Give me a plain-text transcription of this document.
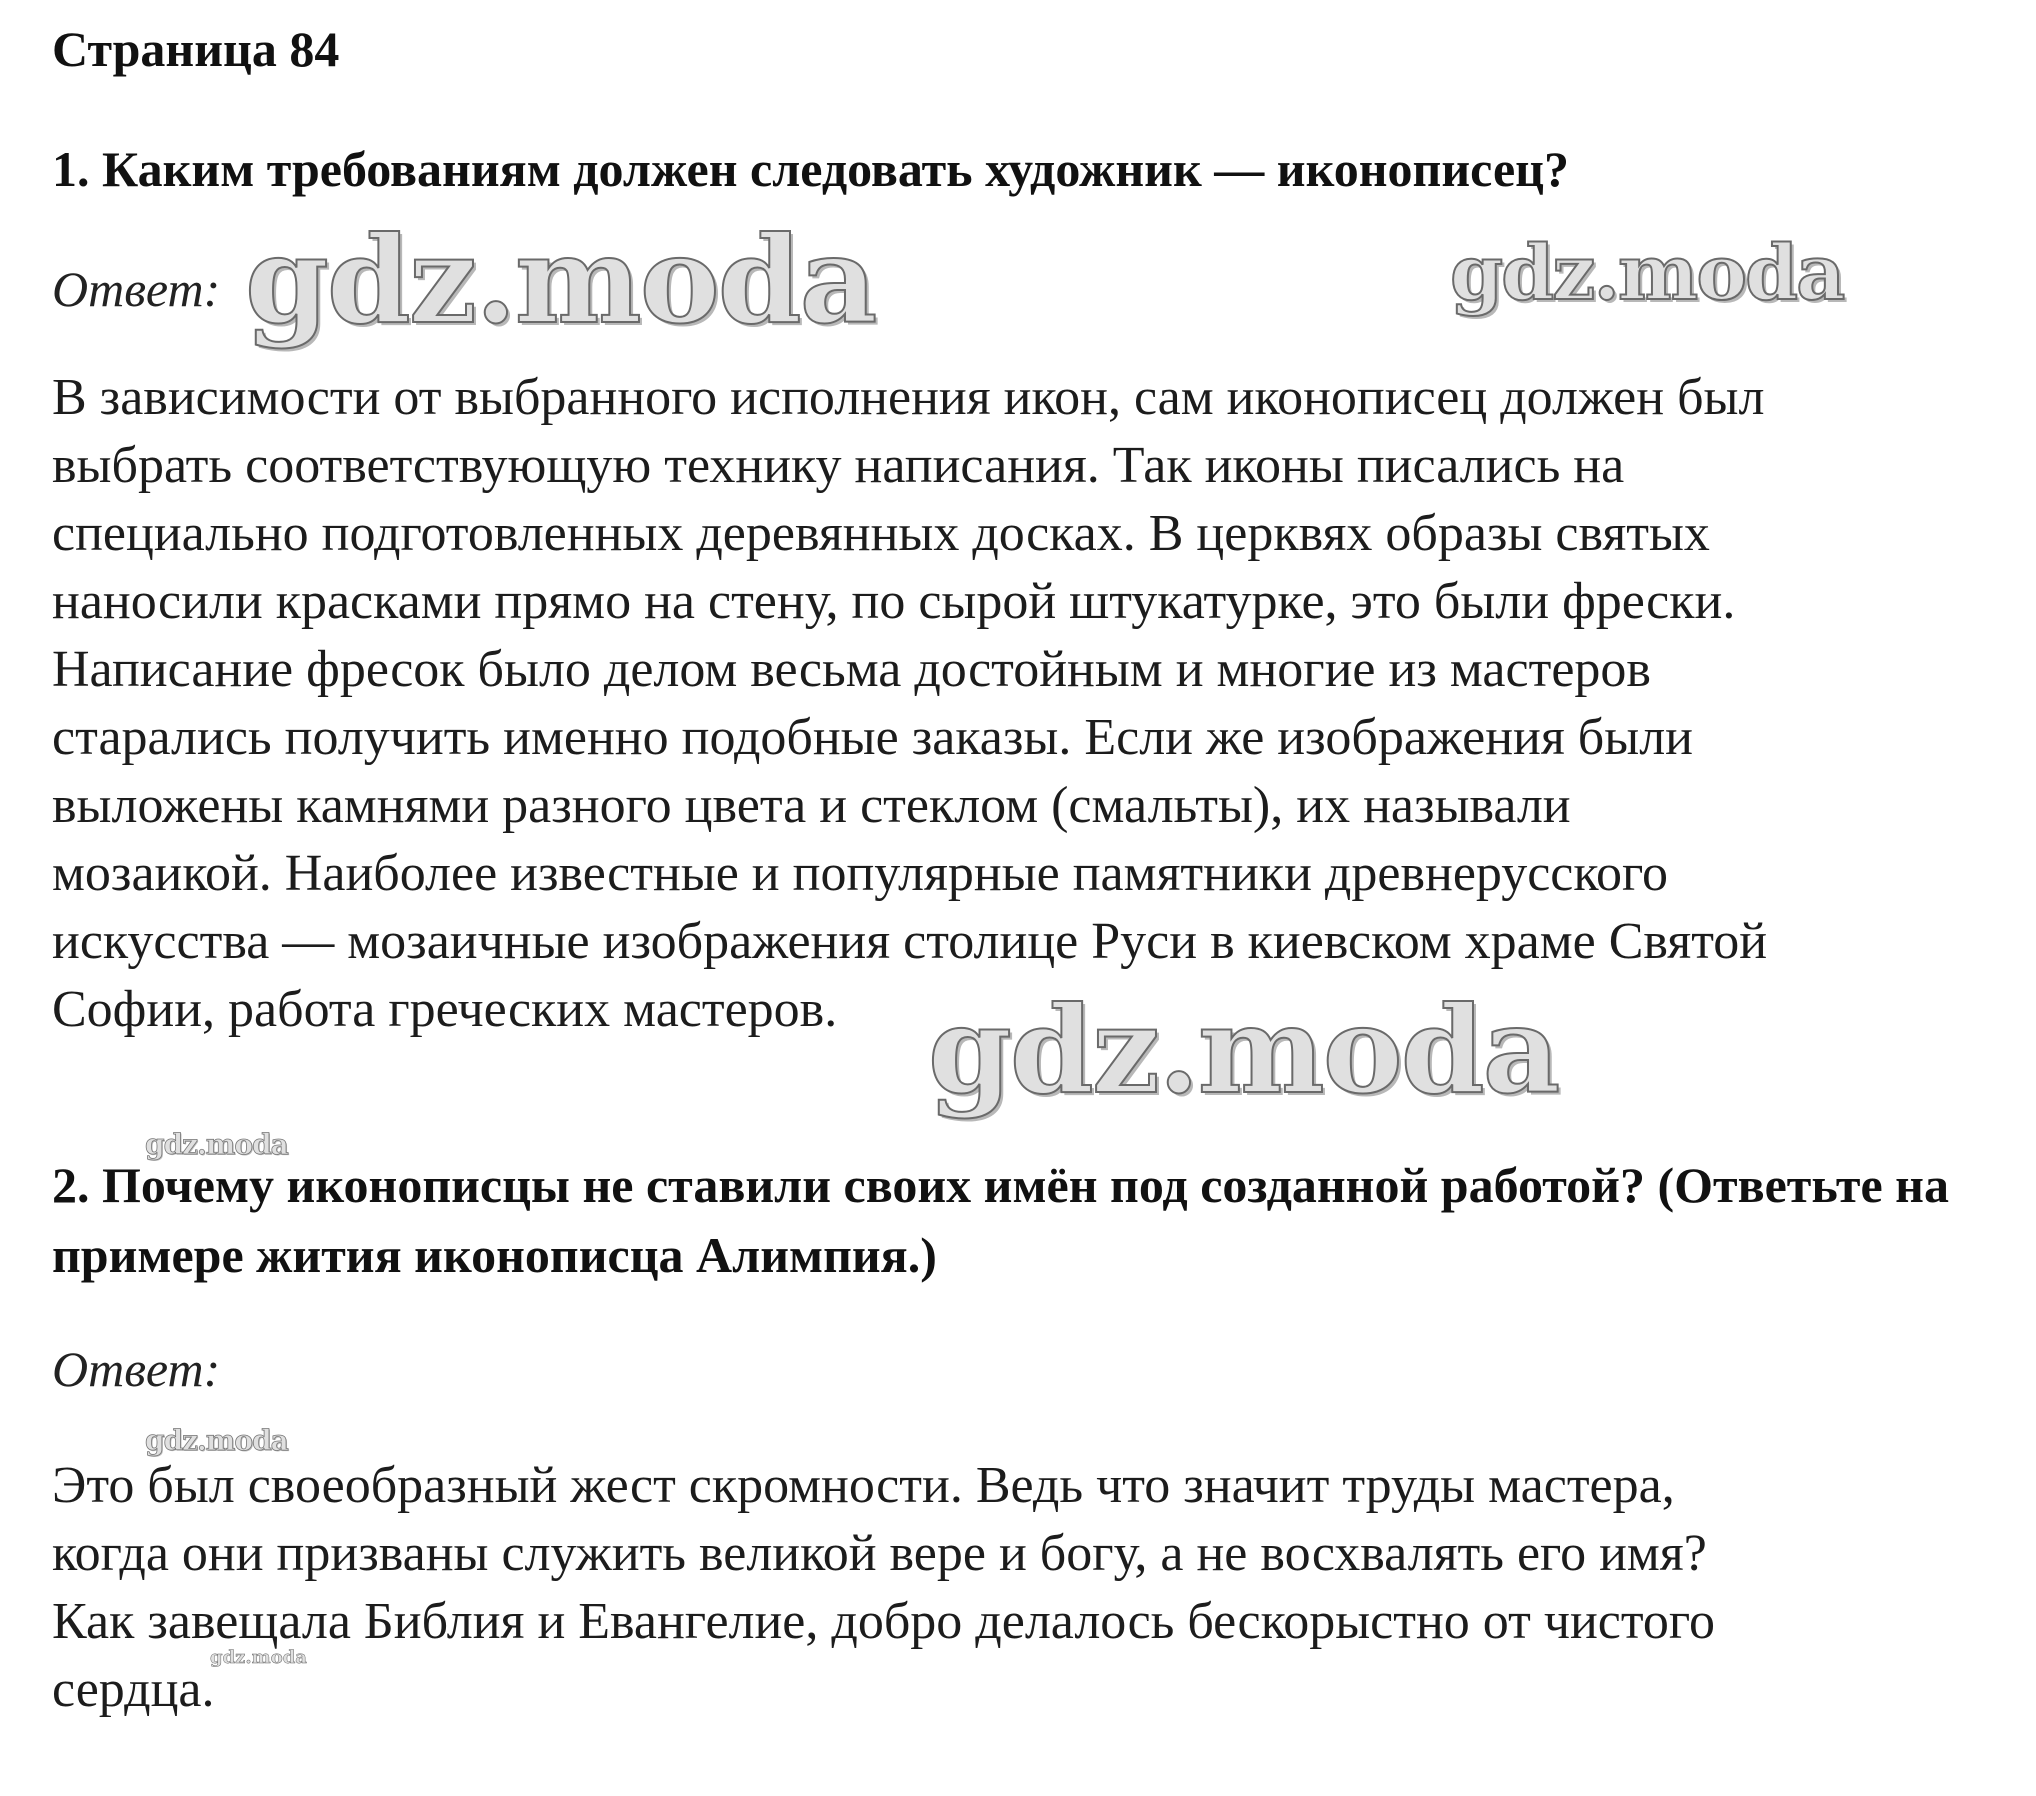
Страница 84
1. Каким требованиям должен следовать художник — иконописец?
Ответ:
В зависимости от выбранного исполнения икон, сам иконописец должен был
выбрать соответствующую технику написания. Так иконы писались на
специально подготовленных деревянных досках. В церквях образы святых
наносили красками прямо на стену, по сырой штукатурке, это были фрески.
Написание фресок было делом весьма достойным и многие из мастеров
старались получить именно подобные заказы. Если же изображения были
выложены камнями разного цвета и стеклом (смальты), их называли
мозаикой. Наиболее известные и популярные памятники древнерусского
искусства — мозаичные изображения столице Руси в киевском храме Святой
Софии, работа греческих мастеров.
2. Почему иконописцы не ставили своих имён под созданной работой? (Ответьте на примере жития иконописца Алимпия.)
Ответ:
Это был своеобразный жест скромности. Ведь что значит труды мастера,
когда они призваны служить великой вере и богу, а не восхвалять его имя?
Как завещала Библия и Евангелие, добро делалось бескорыстно от чистого
сердца.
gdz.moda	gdz.moda
gdz.moda
gdz.moda
gdz.moda
gdz.moda
